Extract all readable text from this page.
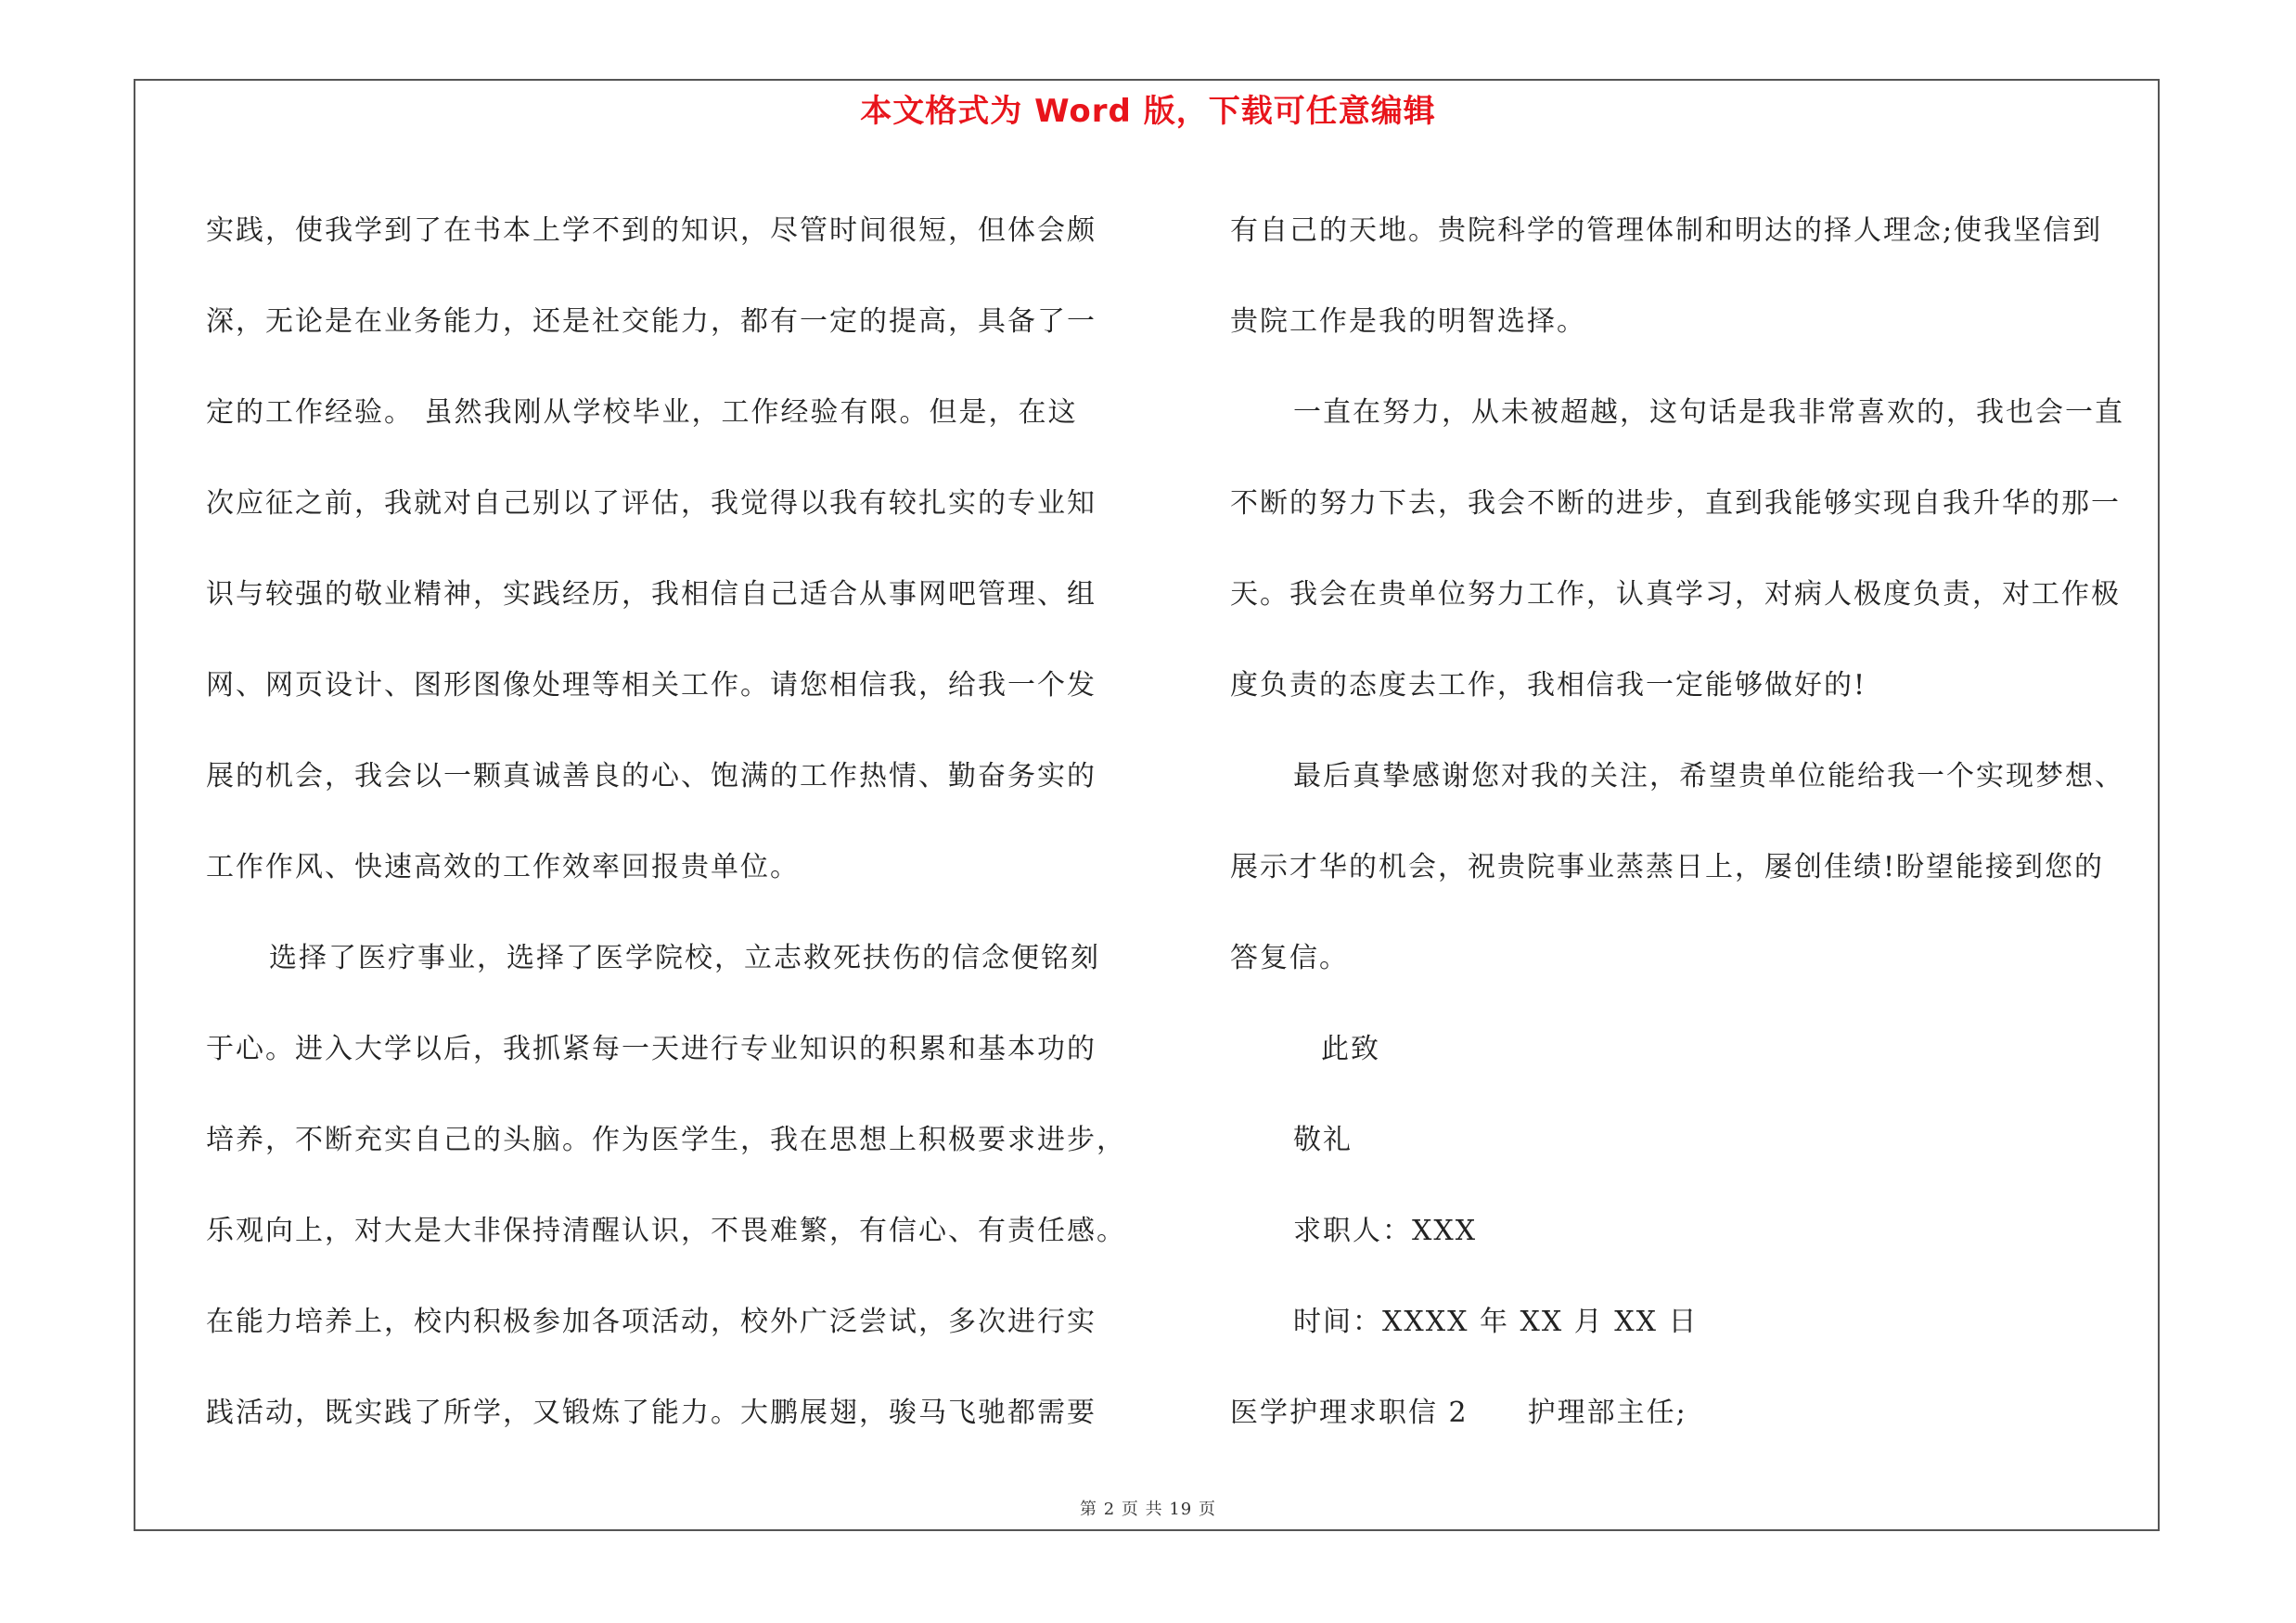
本文格式为 Word 版，下载可任意编辑
实践，使我学到了在书本上学不到的知识，尽管时间很短，但体会颇
深，无论是在业务能力，还是社交能力，都有一定的提高，具备了一
定的工作经验。 虽然我刚从学校毕业，工作经验有限。但是，在这
次应征之前，我就对自己别以了评估，我觉得以我有较扎实的专业知
识与较强的敬业精神，实践经历，我相信自己适合从事网吧管理、组
网、网页设计、图形图像处理等相关工作。请您相信我，给我一个发
展的机会，我会以一颗真诚善良的心、饱满的工作热情、勤奋务实的
工作作风、快速高效的工作效率回报贵单位。
选择了医疗事业，选择了医学院校，立志救死扶伤的信念便铭刻
于心。进入大学以后，我抓紧每一天进行专业知识的积累和基本功的
培养，不断充实自己的头脑。作为医学生，我在思想上积极要求进步，
乐观向上，对大是大非保持清醒认识，不畏难繁，有信心、有责任感。
在能力培养上，校内积极参加各项活动，校外广泛尝试，多次进行实
践活动，既实践了所学，又锻炼了能力。大鹏展翅，骏马飞驰都需要
有自己的天地。贵院科学的管理体制和明达的择人理念;使我坚信到
贵院工作是我的明智选择。
一直在努力，从未被超越，这句话是我非常喜欢的，我也会一直
不断的努力下去，我会不断的进步，直到我能够实现自我升华的那一
天。我会在贵单位努力工作，认真学习，对病人极度负责，对工作极
度负责的态度去工作，我相信我一定能够做好的!
最后真挚感谢您对我的关注，希望贵单位能给我一个实现梦想、
展示才华的机会，祝贵院事业蒸蒸日上，屡创佳绩!盼望能接到您的
答复信。
此致
敬礼
求职人：XXX
时间：XXXX 年 XX 月 XX 日
医学护理求职信 2　　护理部主任;
第 2 页 共 19 页
